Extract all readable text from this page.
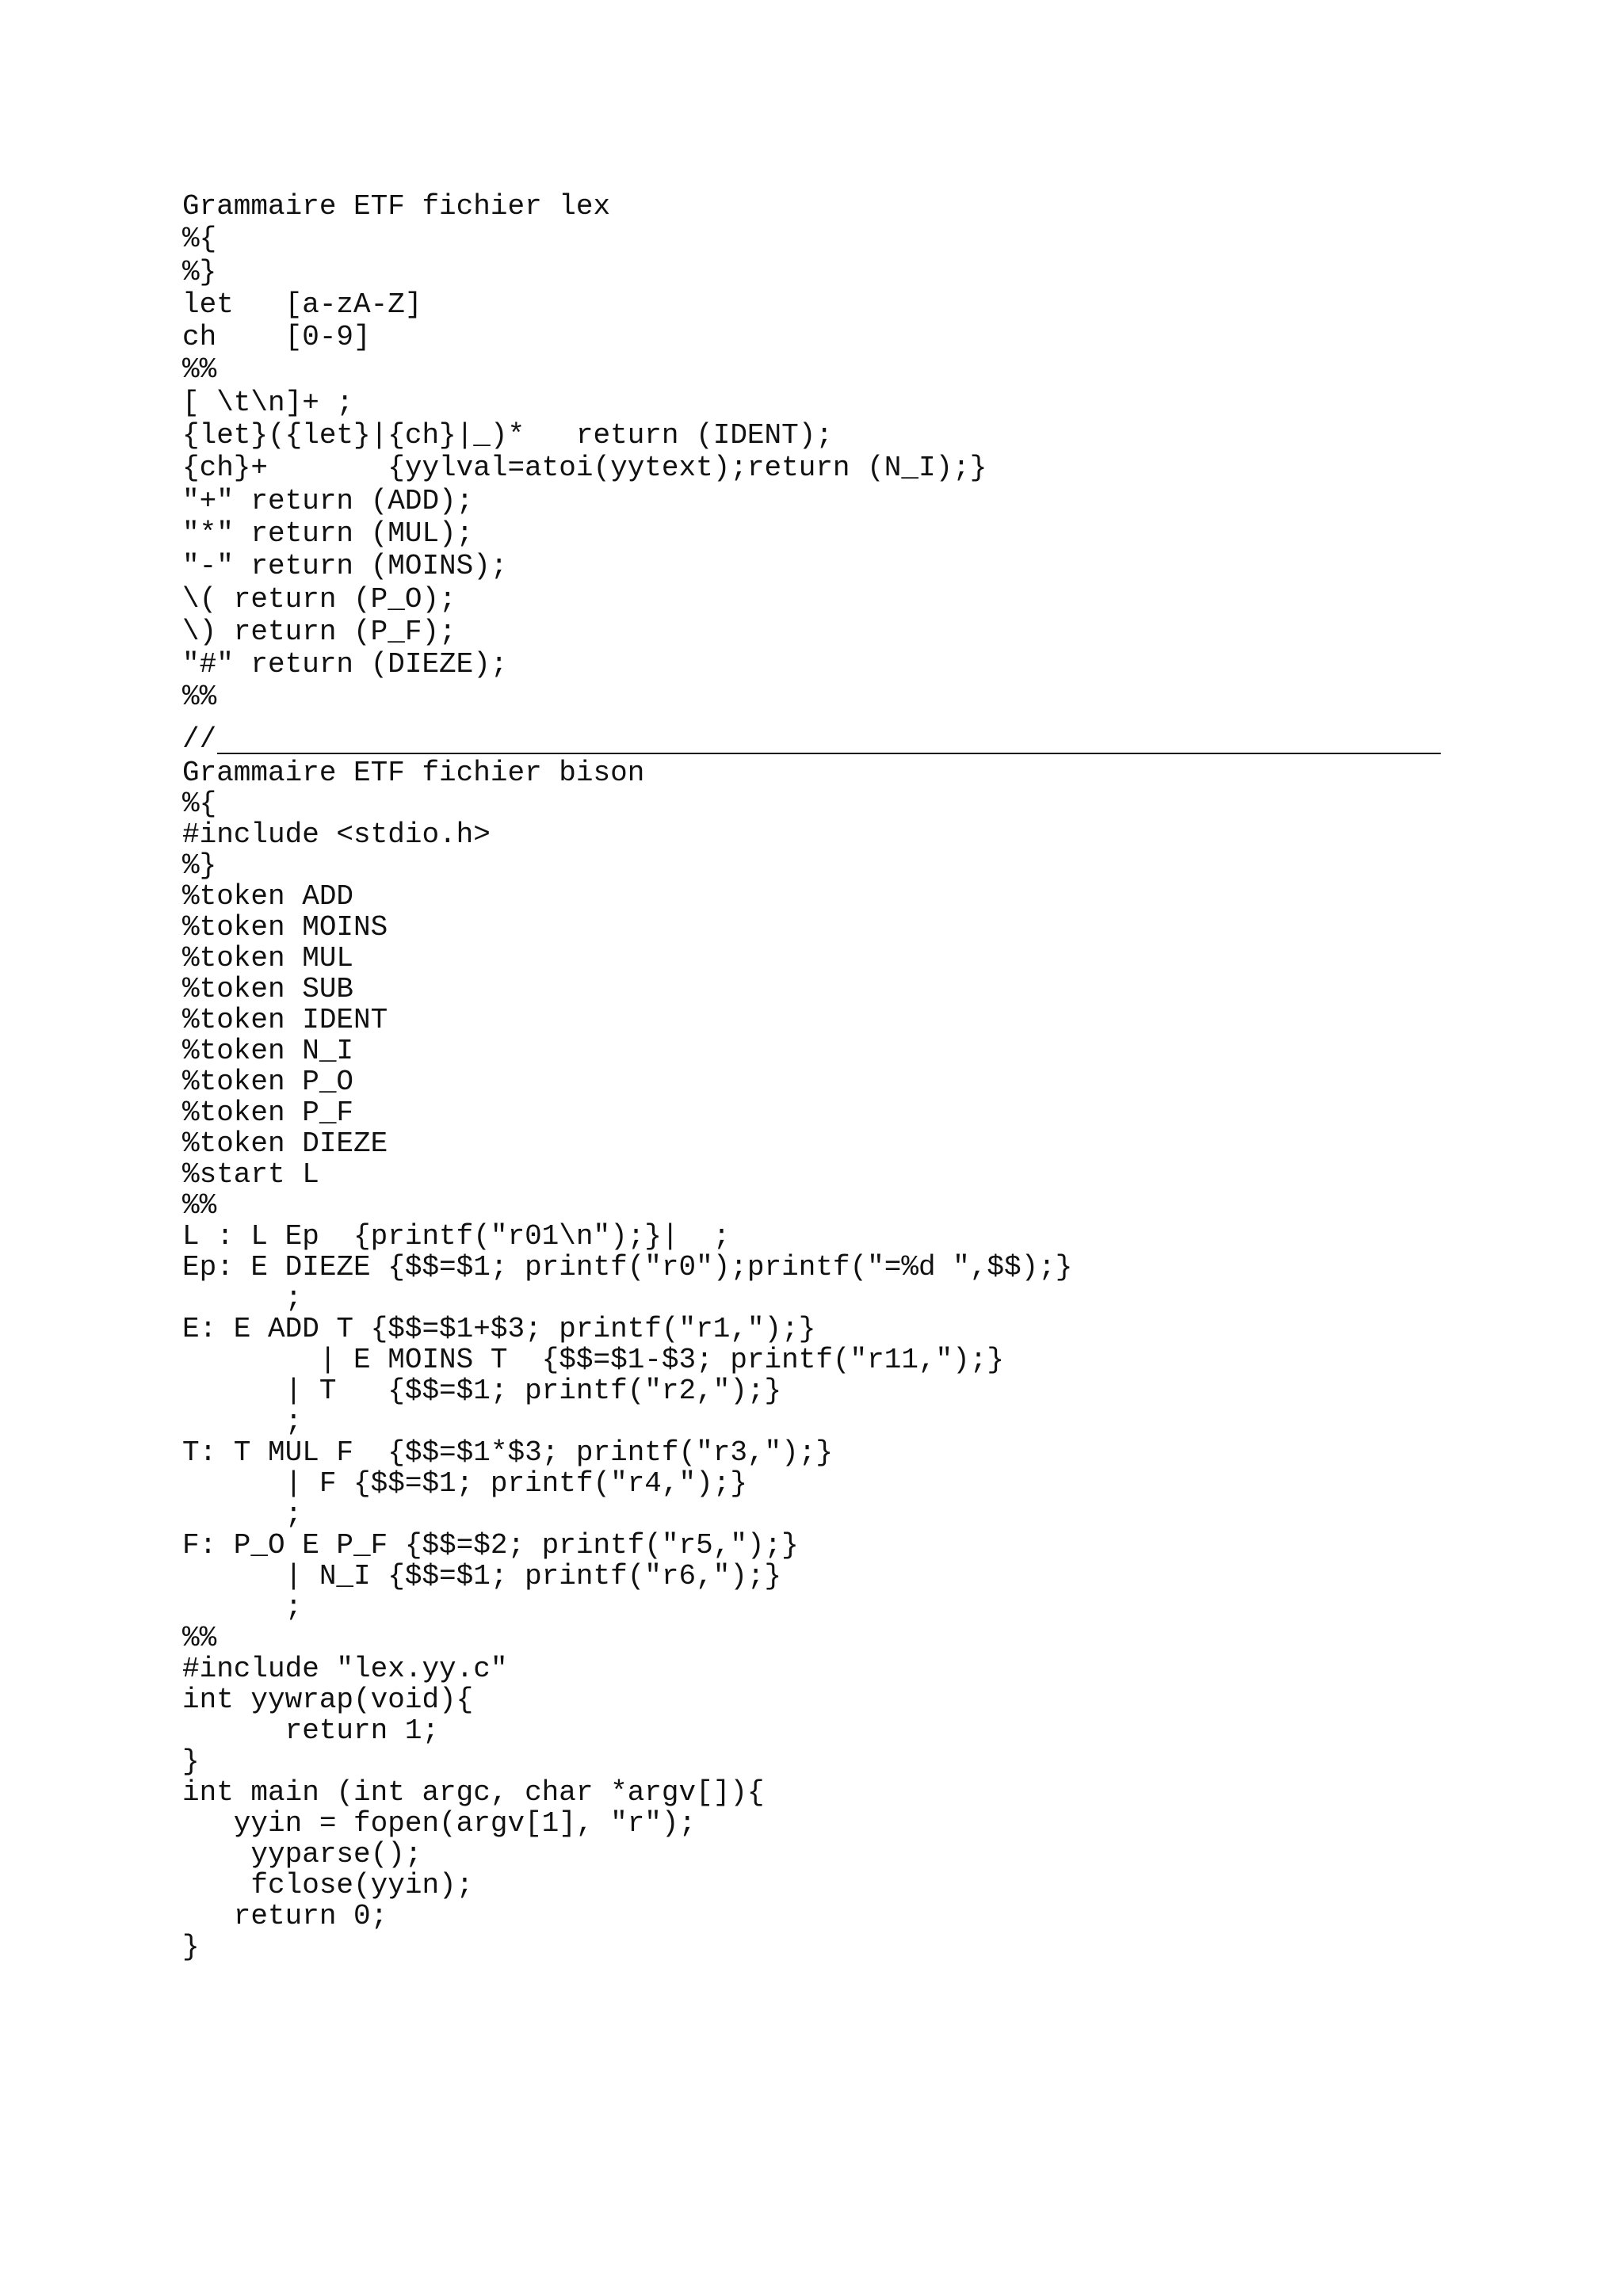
Grammaire ETF fichier lex
%{
%}
let   [a-zA-Z]
ch    [0-9]
%%
[ \t\n]+ ;
{let}({let}|{ch}|_)*   return (IDENT);
{ch}+       {yylval=atoi(yytext);return (N_I);}
"+" return (ADD);
"*" return (MUL);
"-" return (MOINS);
\( return (P_O);
\) return (P_F);
"#" return (DIEZE);
%%
//
Grammaire ETF fichier bison
%{
#include <stdio.h>
%}
%token ADD
%token MOINS
%token MUL
%token SUB
%token IDENT
%token N_I
%token P_O
%token P_F
%token DIEZE
%start L
%%
L : L Ep  {printf("r01\n");}|  ;
Ep: E DIEZE {$$=$1; printf("r0");printf("=%d ",$$);}
;
E: E ADD T {$$=$1+$3; printf("r1,");}
| E MOINS T  {$$=$1-$3; printf("r11,");}
| T   {$$=$1; printf("r2,");}
;
T: T MUL F  {$$=$1*$3; printf("r3,");}
| F {$$=$1; printf("r4,");}
;
F: P_O E P_F {$$=$2; printf("r5,");}
| N_I {$$=$1; printf("r6,");}
;
%%
#include "lex.yy.c"
int yywrap(void){
return 1;
}
int main (int argc, char *argv[]){
yyin = fopen(argv[1], "r");
yyparse();
fclose(yyin);
return 0;
}
